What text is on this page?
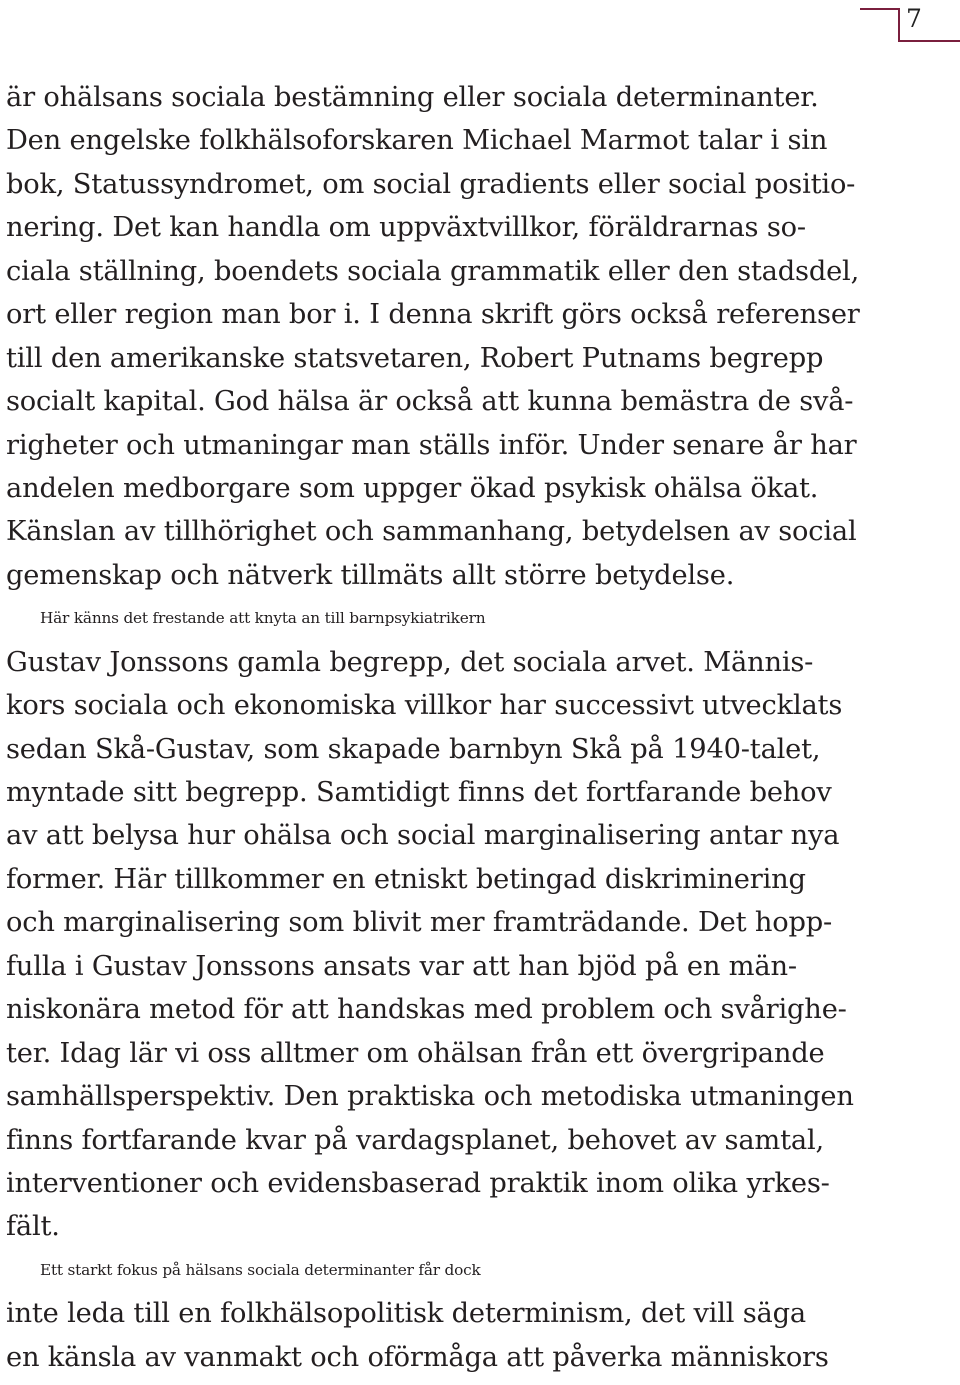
7
är ohälsans sociala bestämning eller sociala determinanter.
Den engelske folkhälsoforskaren Michael Marmot talar i sin
bok, Statussyndromet, om social gradients eller social positio-
nering. Det kan handla om uppväxtvillkor, föräldrarnas so-
ciala ställning, boendets sociala grammatik eller den stadsdel,
ort eller region man bor i. I denna skrift görs också referenser
till den amerikanske statsvetaren, Robert Putnams begrepp
socialt kapital. God hälsa är också att kunna bemästra de svå-
righeter och utmaningar man ställs inför. Under senare år har
andelen medborgare som uppger ökad psykisk ohälsa ökat.
Känslan av tillhörighet och sammanhang, betydelsen av social
gemenskap och nätverk tillmäts allt större betydelse.
Här känns det frestande att knyta an till barnpsykiatrikern
Gustav Jonssons gamla begrepp, det sociala arvet. Männis-
kors sociala och ekonomiska villkor har successivt utvecklats
sedan Skå-Gustav, som skapade barnbyn Skå på 1940-talet,
myntade sitt begrepp. Samtidigt finns det fortfarande behov
av att belysa hur ohälsa och social marginalisering antar nya
former. Här tillkommer en etniskt betingad diskriminering
och marginalisering som blivit mer framträdande. Det hopp-
fulla i Gustav Jonssons ansats var att han bjöd på en män-
niskonära metod för att handskas med problem och svårighe-
ter. Idag lär vi oss alltmer om ohälsan från ett övergripande
samhällsperspektiv. Den praktiska och metodiska utmaningen
finns fortfarande kvar på vardagsplanet, behovet av samtal,
interventioner och evidensbaserad praktik inom olika yrkes-
fält.
Ett starkt fokus på hälsans sociala determinanter får dock
inte leda till en folkhälsopolitisk determinism, det vill säga
en känsla av vanmakt och oförmåga att påverka människors
